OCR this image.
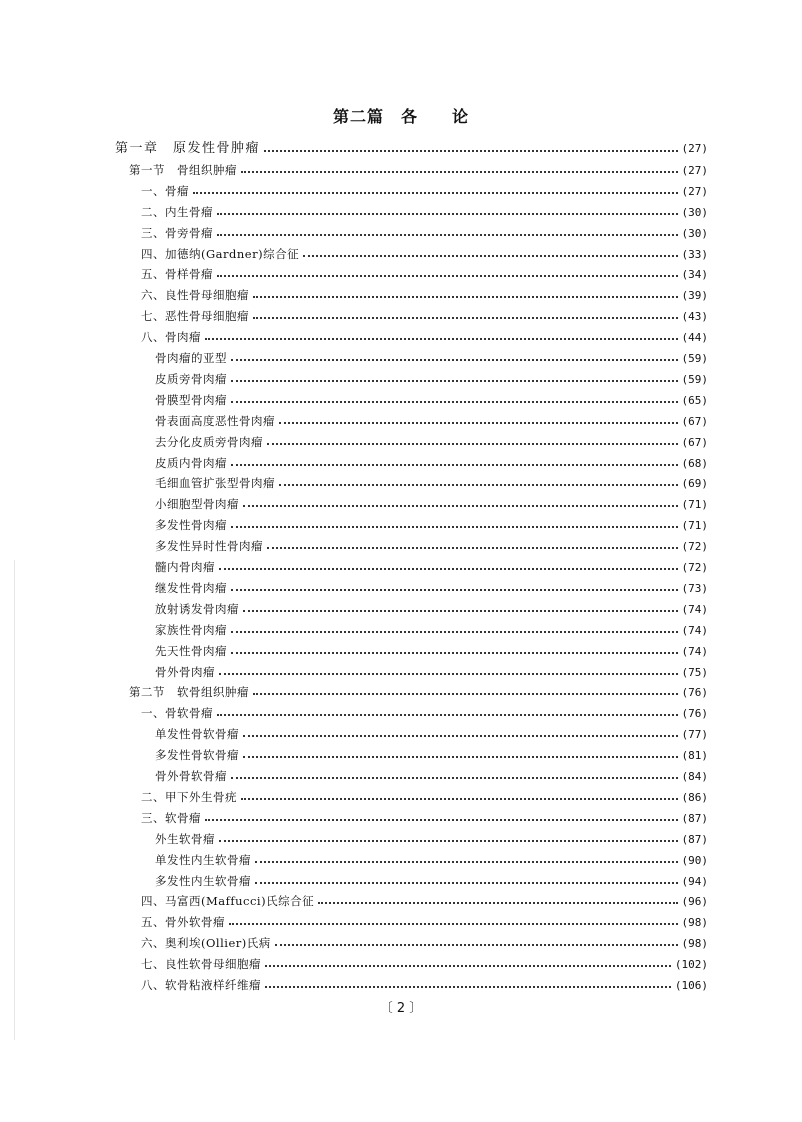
第二篇　各　　论
第一章　原发性骨肿瘤	(27)
第一节　骨组织肿瘤	(27)
一、骨瘤	(27)
二、内生骨瘤	(30)
三、骨旁骨瘤	(30)
四、加德纳(Gardner)综合征	(33)
五、骨样骨瘤	(34)
六、良性骨母细胞瘤	(39)
七、恶性骨母细胞瘤	(43)
八、骨肉瘤	(44)
骨肉瘤的亚型	(59)
皮质旁骨肉瘤	(59)
骨膜型骨肉瘤	(65)
骨表面高度恶性骨肉瘤	(67)
去分化皮质旁骨肉瘤	(67)
皮质内骨肉瘤	(68)
毛细血管扩张型骨肉瘤	(69)
小细胞型骨肉瘤	(71)
多发性骨肉瘤	(71)
多发性异时性骨肉瘤	(72)
髓内骨肉瘤	(72)
继发性骨肉瘤	(73)
放射诱发骨肉瘤	(74)
家族性骨肉瘤	(74)
先天性骨肉瘤	(74)
骨外骨肉瘤	(75)
第二节　软骨组织肿瘤	(76)
一、骨软骨瘤	(76)
单发性骨软骨瘤	(77)
多发性骨软骨瘤	(81)
骨外骨软骨瘤	(84)
二、甲下外生骨疣	(86)
三、软骨瘤	(87)
外生软骨瘤	(87)
单发性内生软骨瘤	(90)
多发性内生软骨瘤	(94)
四、马富西(Maffucci)氏综合征	(96)
五、骨外软骨瘤	(98)
六、奥利埃(Ollier)氏病	(98)
七、良性软骨母细胞瘤	(102)
八、软骨粘液样纤维瘤	(106)
〔 2 〕
